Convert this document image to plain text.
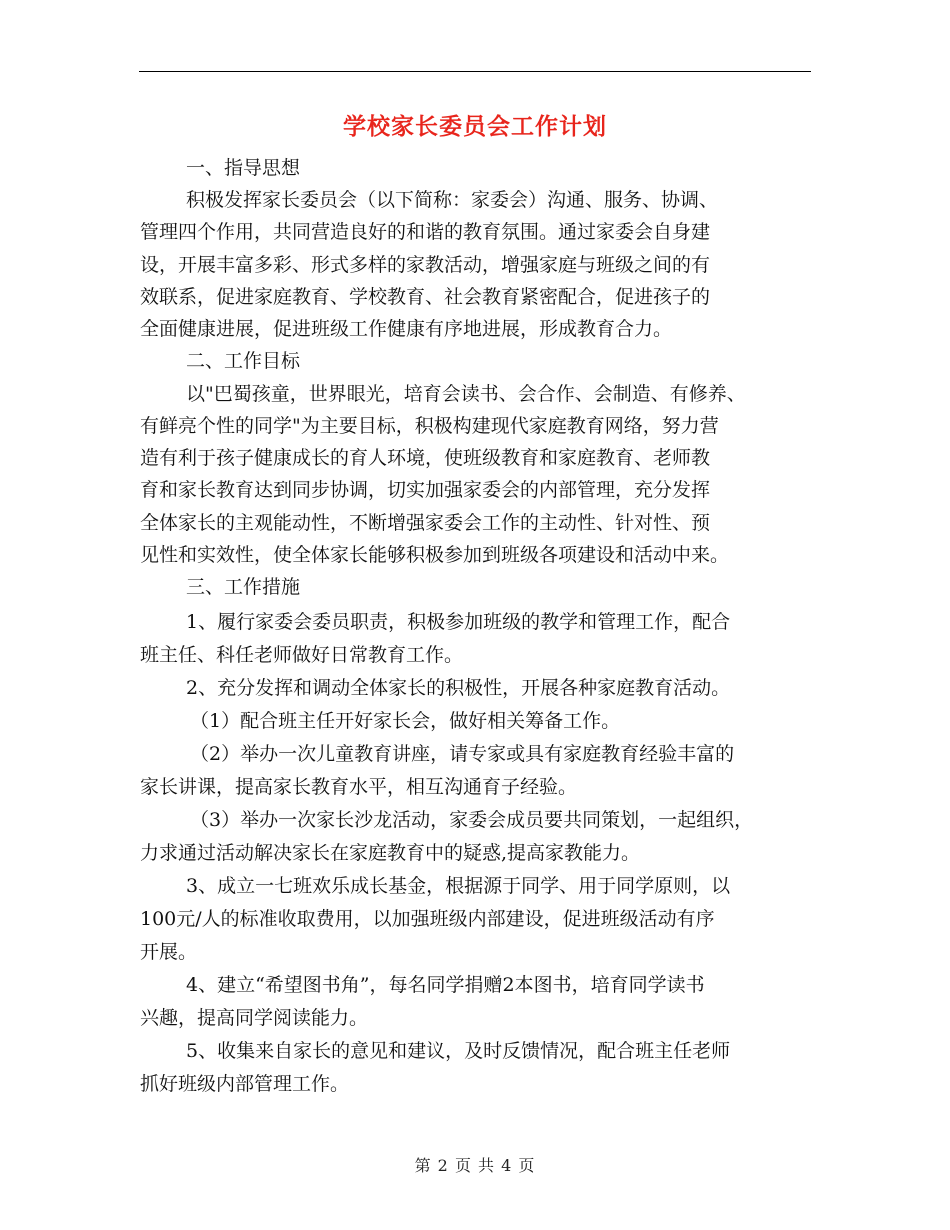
学校家长委员会工作计划
一、指导思想
积极发挥家长委员会（以下简称：家委会）沟通、服务、协调、
管理四个作用，共同营造良好的和谐的教育氛围。通过家委会自身建
设，开展丰富多彩、形式多样的家教活动，增强家庭与班级之间的有
效联系，促进家庭教育、学校教育、社会教育紧密配合，促进孩子的
全面健康进展，促进班级工作健康有序地进展，形成教育合力。
二、工作目标
以"巴蜀孩童，世界眼光，培育会读书、会合作、会制造、有修养、
有鲜亮个性的同学"为主要目标，积极构建现代家庭教育网络，努力营
造有利于孩子健康成长的育人环境，使班级教育和家庭教育、老师教
育和家长教育达到同步协调，切实加强家委会的内部管理，充分发挥
全体家长的主观能动性，不断增强家委会工作的主动性、针对性、预
见性和实效性，使全体家长能够积极参加到班级各项建设和活动中来。
三、工作措施
1、履行家委会委员职责，积极参加班级的教学和管理工作，配合
班主任、科任老师做好日常教育工作。
2、充分发挥和调动全体家长的积极性，开展各种家庭教育活动。
（1）配合班主任开好家长会，做好相关筹备工作。
（2）举办一次儿童教育讲座，请专家或具有家庭教育经验丰富的
家长讲课，提高家长教育水平，相互沟通育子经验。
（3）举办一次家长沙龙活动，家委会成员要共同策划，一起组织，
力求通过活动解决家长在家庭教育中的疑惑,提高家教能力。
3、成立一七班欢乐成长基金，根据源于同学、用于同学原则，以
100元/人的标准收取费用，以加强班级内部建设，促进班级活动有序
开展。
4、建立“希望图书角”，每名同学捐赠2本图书，培育同学读书
兴趣，提高同学阅读能力。
5、收集来自家长的意见和建议，及时反馈情况，配合班主任老师
抓好班级内部管理工作。
第 2 页 共 4 页
